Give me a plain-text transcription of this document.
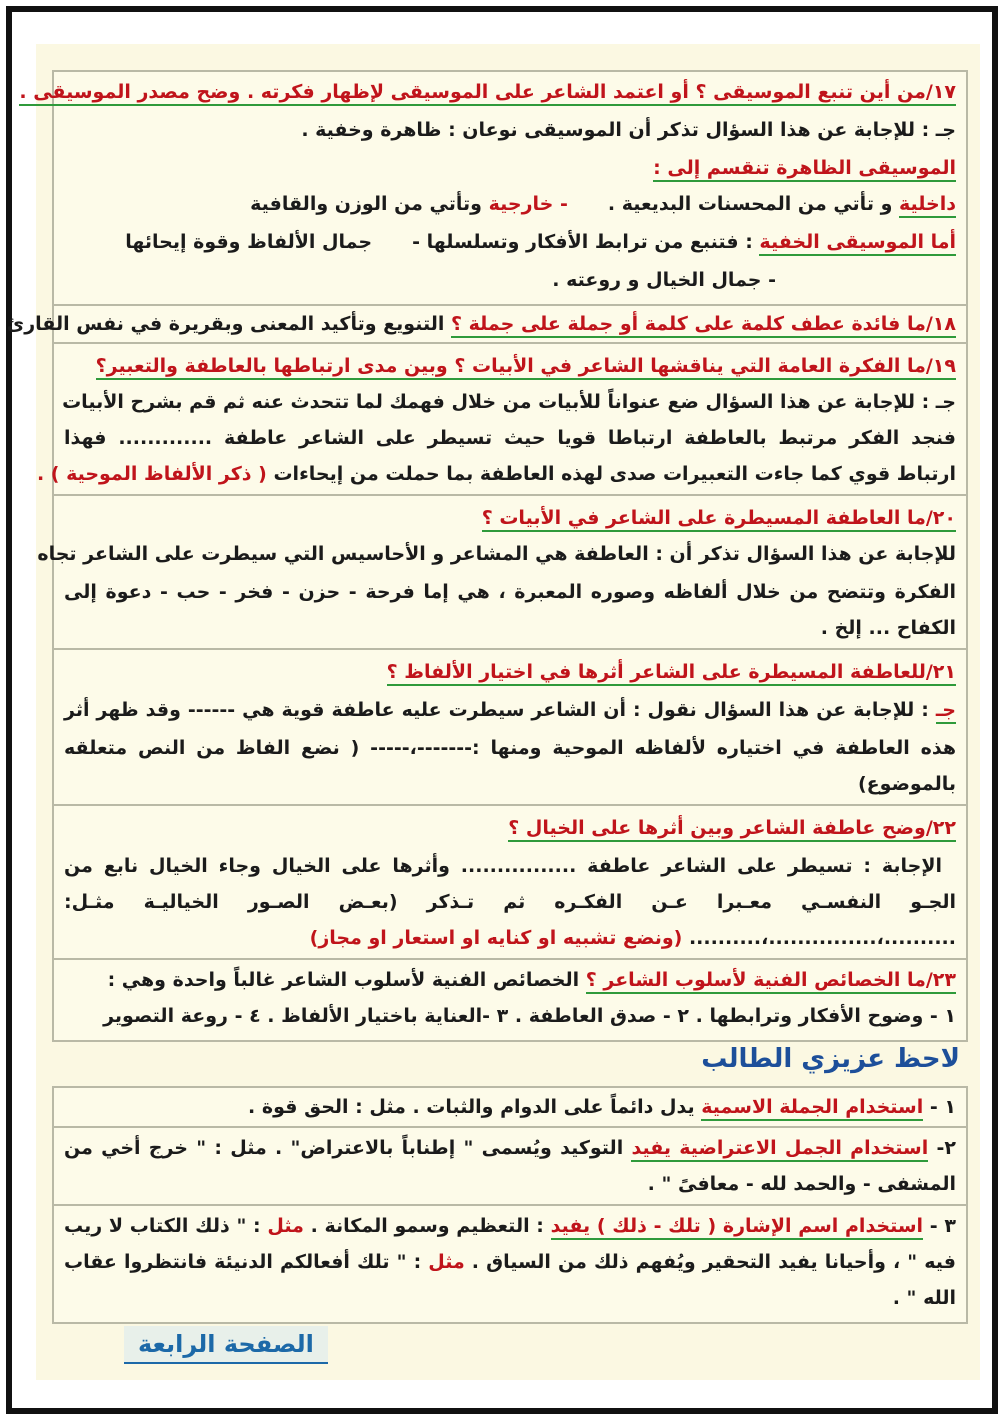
١٧/من أين تنبع الموسيقى ؟ أو اعتمد الشاعر على الموسيقى لإظهار فكرته . وضح مصدر الموسيقى .
جـ : للإجابة عن هذا السؤال تذكر أن الموسيقى نوعان : ظاهرة وخفية .
الموسيقى الظاهرة تنقسم إلى :
داخلية و تأتي من المحسنات البديعية .- خارجية وتأتي من الوزن والقافية
أما الموسيقى الخفية : فتنبع من ترابط الأفكار وتسلسلها -جمال الألفاظ وقوة إيحائها
- جمال الخيال و روعته .
١٨/ما فائدة عطف كلمة على كلمة أو جملة على جملة ؟ التنويع وتأكيد المعنى وبقريرة في نفس القارئ
١٩/ما الفكرة العامة التي يناقشها الشاعر في الأبيات ؟ وبين مدى ارتباطها بالعاطفة والتعبير؟
جـ : للإجابة عن هذا السؤال ضع عنواناً للأبيات من خلال فهمك لما تتحدث عنه ثم قم بشرح الأبيات
فنجد الفكر مرتبط بالعاطفة ارتباطا قويا حيث تسيطر على الشاعر عاطفة ............. فهذا
ارتباط قوي كما جاءت التعبيرات صدى لهذه العاطفة بما حملت من إيحاءات ( ذكر الألفاظ الموحية ) .
٢٠/ما العاطفة المسيطرة على الشاعر في الأبيات ؟
للإجابة عن هذا السؤال تذكر أن : العاطفة هي المشاعر و الأحاسيس التي سيطرت على الشاعر تجاه
الفكرة وتتضح من خلال ألفاظه وصوره المعبرة ، هي إما فرحة - حزن - فخر - حب - دعوة إلى
الكفاح ... إلخ .
٢١/للعاطفة المسيطرة على الشاعر أثرها في اختيار الألفاظ ؟
جـ : للإجابة عن هذا السؤال نقول : أن الشاعر سيطرت عليه عاطفة قوية هي ------ وقد ظهر أثر
هذه العاطفة في اختياره لألفاظه الموحية ومنها :-------،----- ( نضع الفاظ من النص متعلقه
بالموضوع)
٢٢/وضح عاطفة الشاعر وبين أثرها على الخيال ؟
الإجابة : تسيطر على الشاعر عاطفة ................ وأثرها على الخيال وجاء الخيال نابع من
الجـو النفسـي معـبرا عـن الفكـره ثم تـذكر (بعـض الصـور الخياليـة مثـل:
..........،...............،.......... (ونضع تشبيه او كنايه او استعار او مجاز)
٢٣/ما الخصائص الفنية لأسلوب الشاعر ؟ الخصائص الفنية لأسلوب الشاعر غالباً واحدة وهي :
١ - وضوح الأفكار وترابطها . ٢ - صدق العاطفة . ٣ -العناية باختيار الألفاظ . ٤ - روعة التصوير
لاحظ عزيزي الطالب
١ - استخدام الجملة الاسمية يدل دائماً على الدوام والثبات . مثل : الحق قوة .
٢- استخدام الجمل الاعتراضية يفيد التوكيد ويُسمى " إطناباً بالاعتراض" . مثل : " خرج أخي من
المشفى - والحمد لله - معافىً " .
٣ - استخدام اسم الإشارة ( تلك - ذلك ) يفيد : التعظيم وسمو المكانة . مثل : " ذلك الكتاب لا ريب
فيه " ، وأحيانا يفيد التحقير ويُفهم ذلك من السياق . مثل : " تلك أفعالكم الدنيئة فانتظروا عقاب
الله " .
الصفحة الرابعة
